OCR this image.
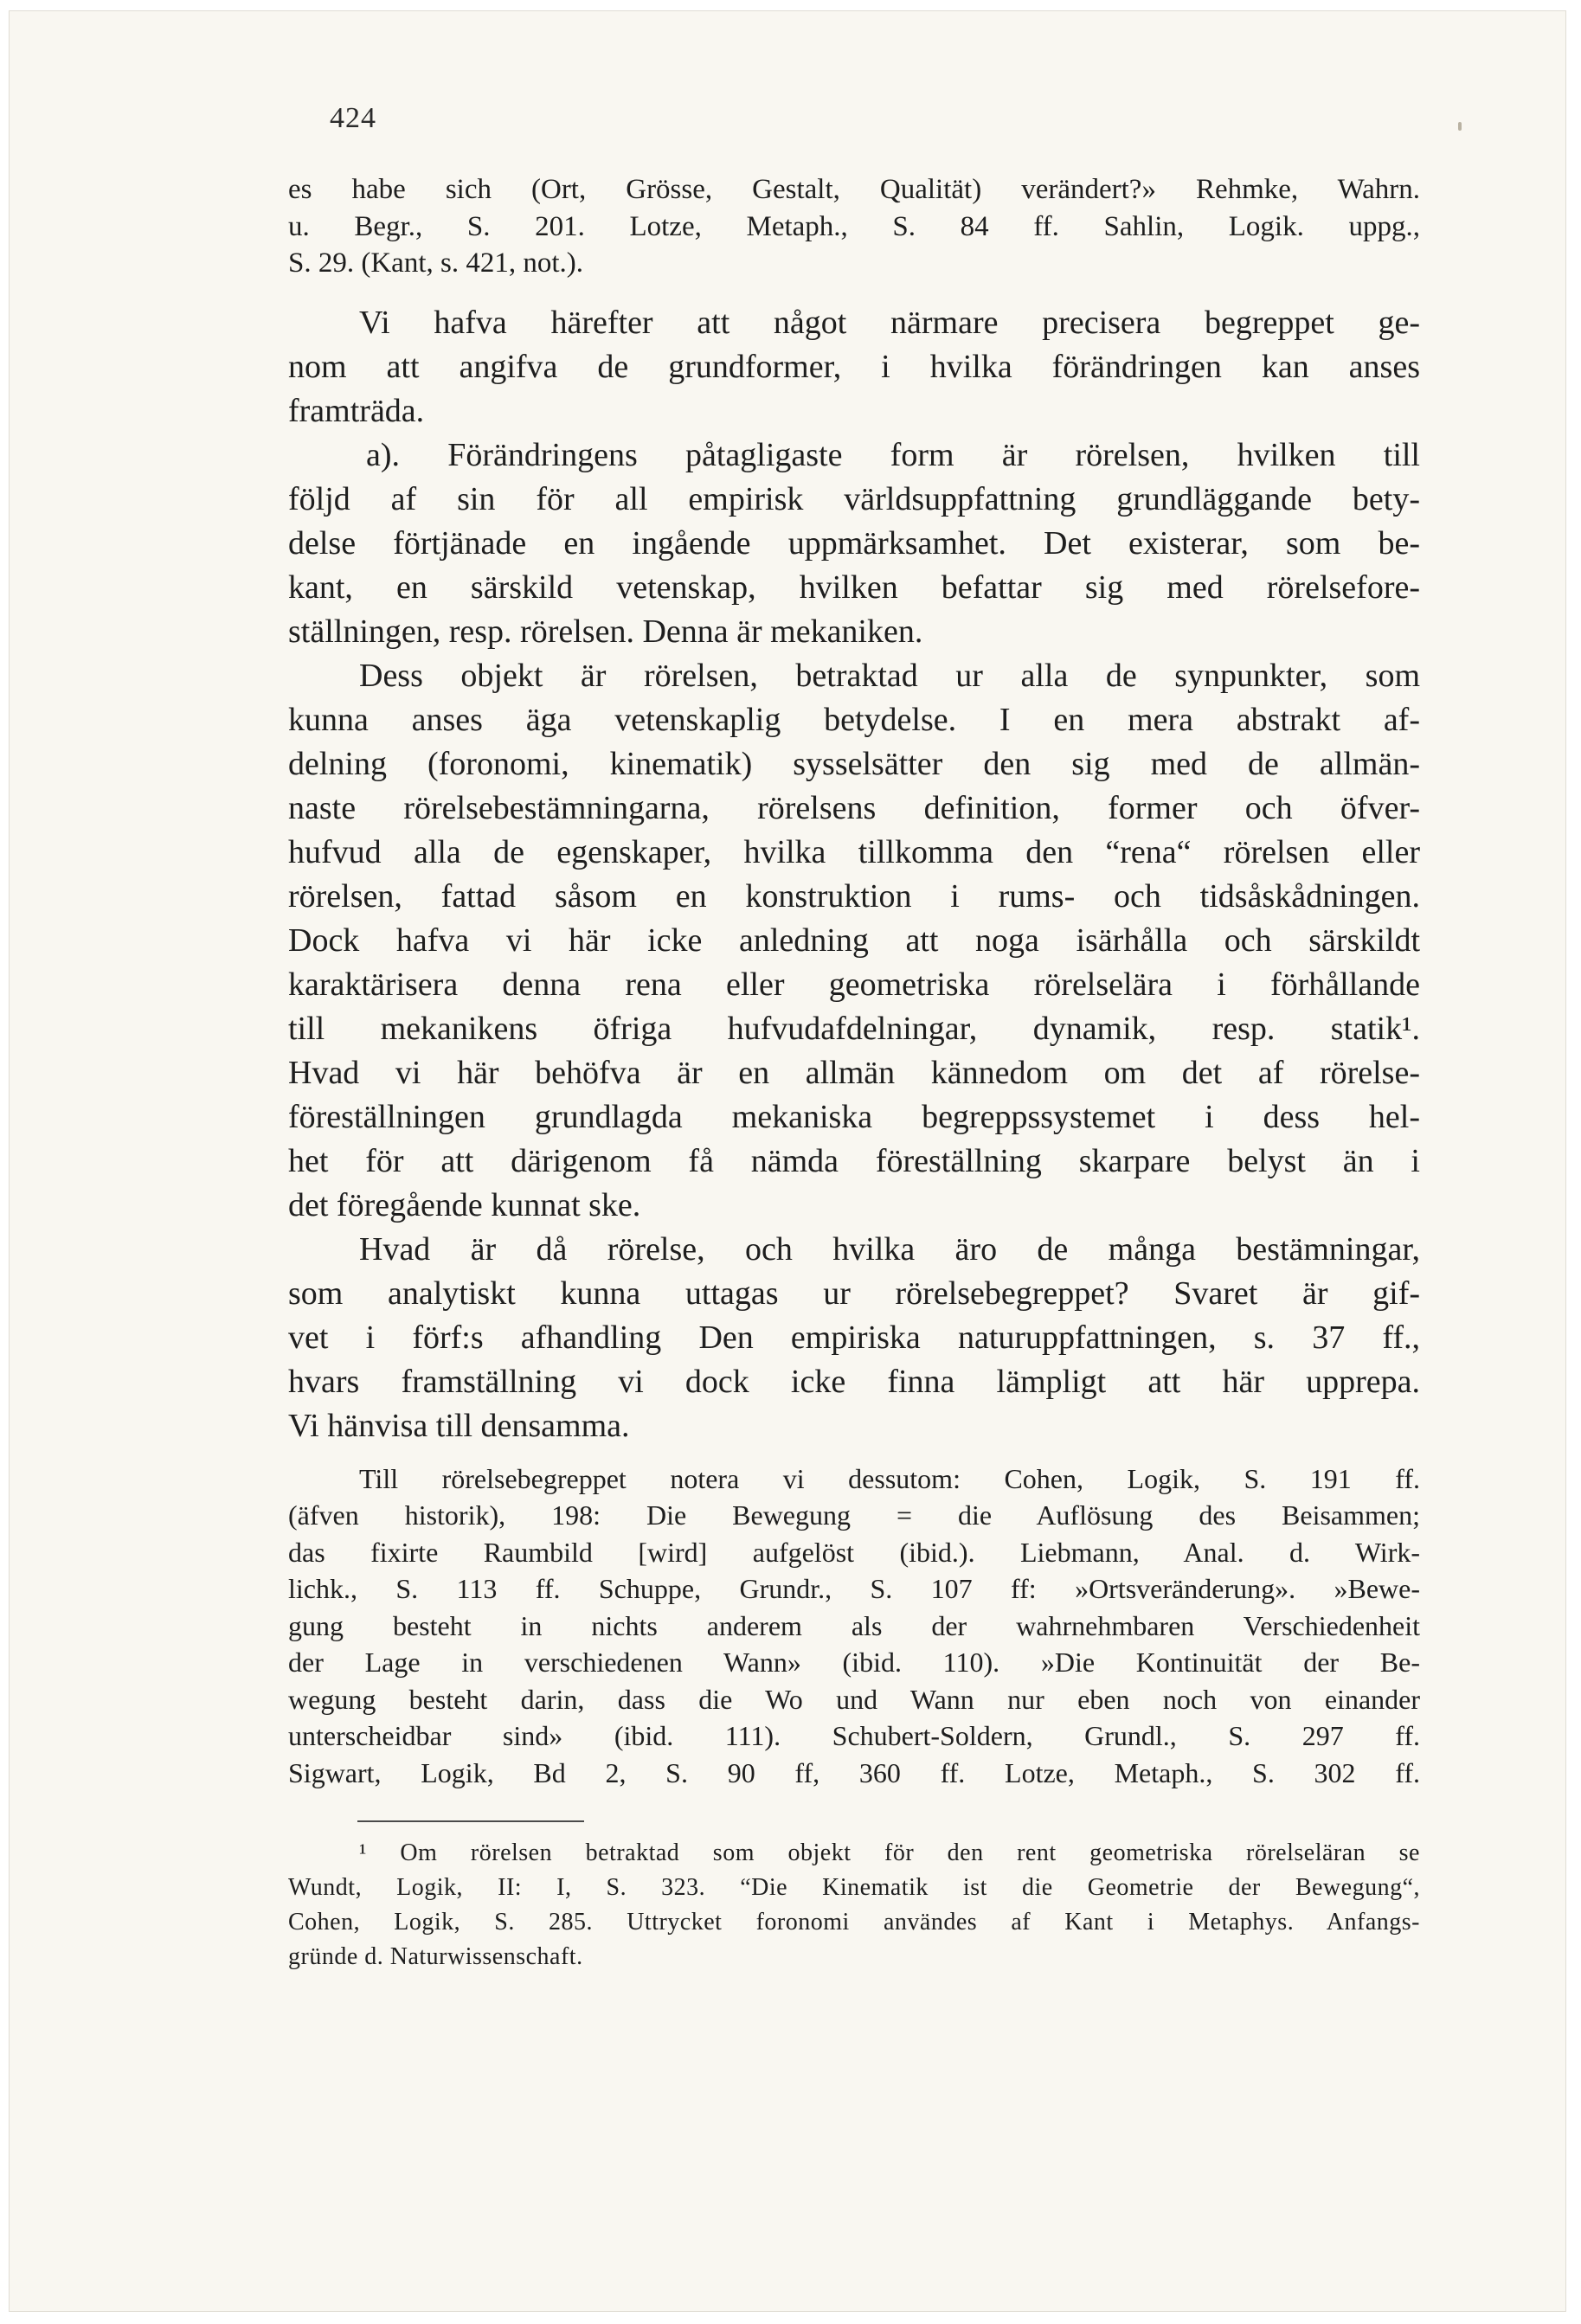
424
es habe sich (Ort, Grösse, Gestalt, Qualität) verändert?» Rehmke, Wahrn.
u. Begr., S. 201. Lotze, Metaph., S. 84 ff. Sahlin, Logik. uppg.,
S. 29. (Kant, s. 421, not.).
Vi hafva härefter att något närmare precisera begreppet ge-
nom att angifva de grundformer, i hvilka förändringen kan anses
framträda.
a). Förändringens påtagligaste form är rörelsen, hvilken till
följd af sin för all empirisk världsuppfattning grundläggande bety-
delse förtjänade en ingående uppmärksamhet. Det existerar, som be-
kant, en särskild vetenskap, hvilken befattar sig med rörelsefore-
ställningen, resp. rörelsen. Denna är mekaniken.
Dess objekt är rörelsen, betraktad ur alla de synpunkter, som
kunna anses äga vetenskaplig betydelse. I en mera abstrakt af-
delning (foronomi, kinematik) sysselsätter den sig med de allmän-
naste rörelsebestämningarna, rörelsens definition, former och öfver-
hufvud alla de egenskaper, hvilka tillkomma den “rena“ rörelsen eller
rörelsen, fattad såsom en konstruktion i rums- och tidsåskådningen.
Dock hafva vi här icke anledning att noga isärhålla och särskildt
karaktärisera denna rena eller geometriska rörelselära i förhållande
till mekanikens öfriga hufvudafdelningar, dynamik, resp. statik¹.
Hvad vi här behöfva är en allmän kännedom om det af rörelse-
föreställningen grundlagda mekaniska begreppssystemet i dess hel-
het för att därigenom få nämda föreställning skarpare belyst än i
det föregående kunnat ske.
Hvad är då rörelse, och hvilka äro de många bestämningar,
som analytiskt kunna uttagas ur rörelsebegreppet? Svaret är gif-
vet i förf:s afhandling Den empiriska naturuppfattningen, s. 37 ff.,
hvars framställning vi dock icke finna lämpligt att här upprepa.
Vi hänvisa till densamma.
Till rörelsebegreppet notera vi dessutom: Cohen, Logik, S. 191 ff.
(äfven historik), 198: Die Bewegung = die Auflösung des Beisammen;
das fixirte Raumbild [wird] aufgelöst (ibid.). Liebmann, Anal. d. Wirk-
lichk., S. 113 ff. Schuppe, Grundr., S. 107 ff: »Ortsveränderung». »Bewe-
gung besteht in nichts anderem als der wahrnehmbaren Verschiedenheit
der Lage in verschiedenen Wann» (ibid. 110). »Die Kontinuität der Be-
wegung besteht darin, dass die Wo und Wann nur eben noch von einander
unterscheidbar sind» (ibid. 111). Schubert-Soldern, Grundl., S. 297 ff.
Sigwart, Logik, Bd 2, S. 90 ff, 360 ff. Lotze, Metaph., S. 302 ff.
¹ Om rörelsen betraktad som objekt för den rent geometriska rörelseläran se
Wundt, Logik, II: I, S. 323. “Die Kinematik ist die Geometrie der Bewegung“,
Cohen, Logik, S. 285. Uttrycket foronomi användes af Kant i Metaphys. Anfangs-
gründe d. Naturwissenschaft.
